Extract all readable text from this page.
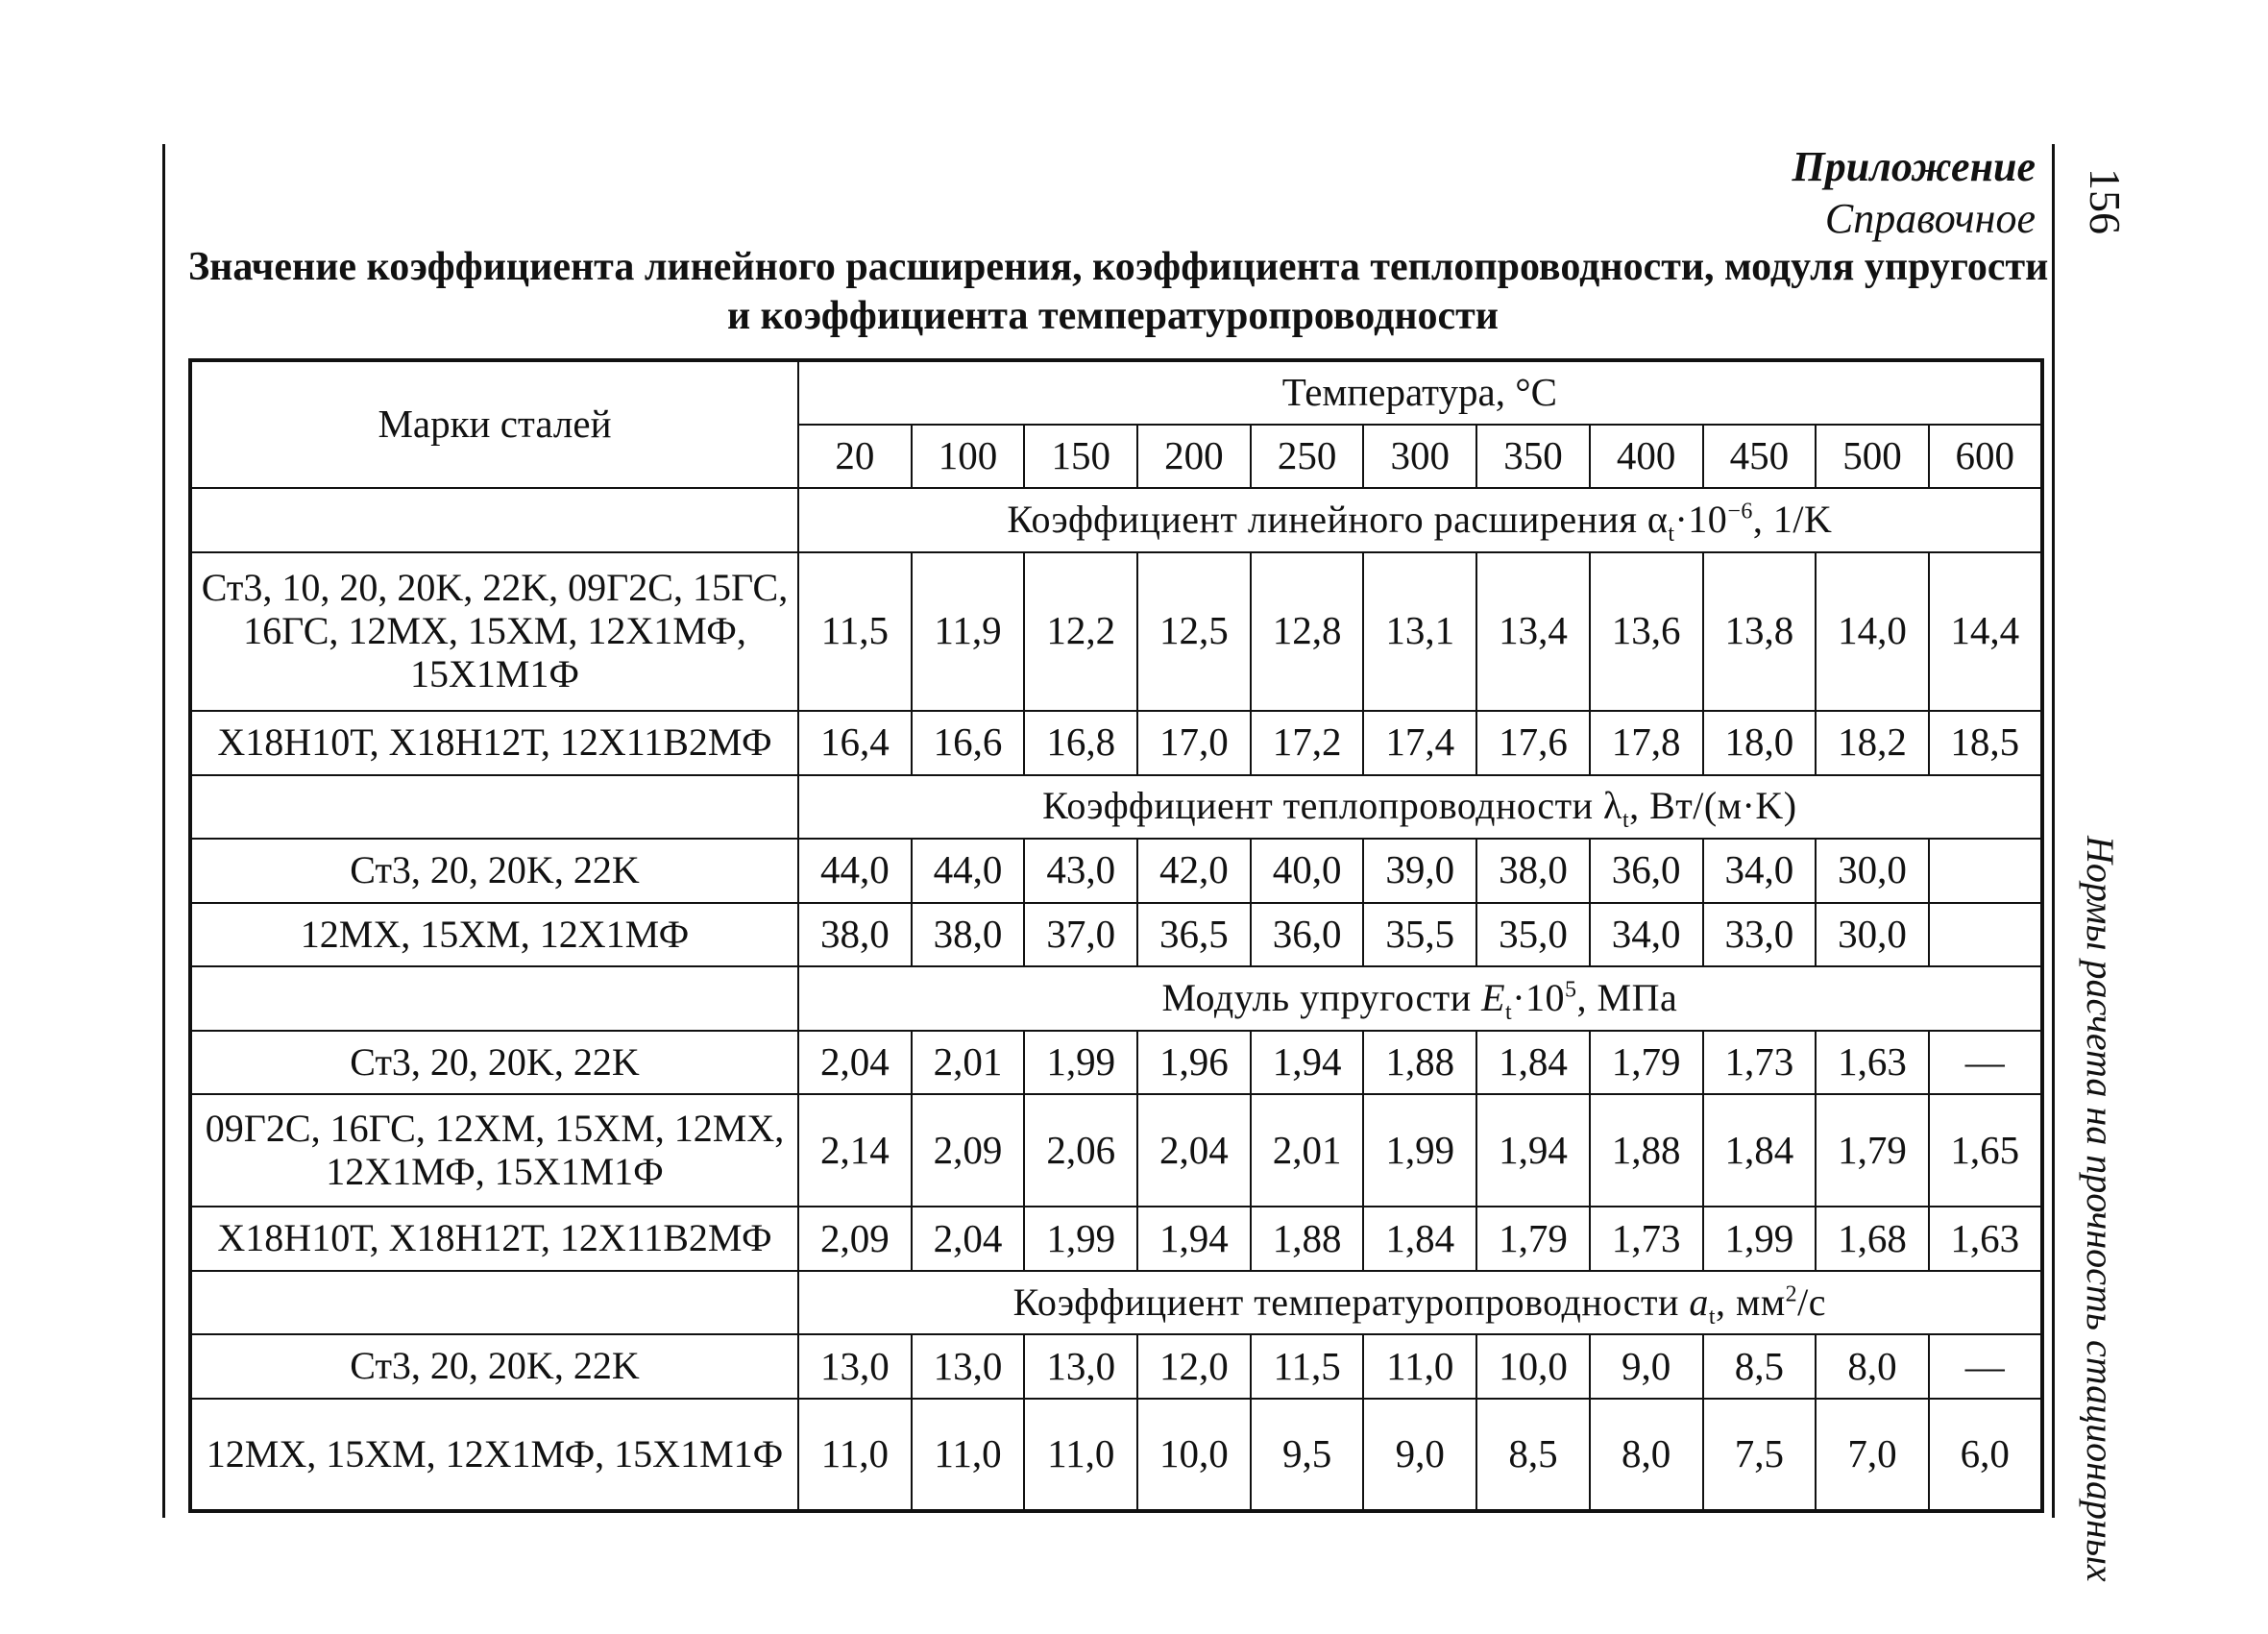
156
Нормы расчета на прочность стационарных
Приложение
Справочное
Значение коэффициента линейного расширения, коэффициента теплопроводности, модуля упругости
и коэффициента температуропроводности
Марки сталей	Температура, °C										
	20	100	150	200	250	300	350	400	450	500	600
	Коэффициент линейного расширения $\alpha_t\cdot 10^{-6}$, 1/K										
Ст3, 10, 20, 20K, 22K, 09Г2С, 15ГС, 16ГС, 12МХ, 15ХМ, 12Х1МФ, 15Х1М1Ф	11,5	11,9	12,2	12,5	12,8	13,1	13,4	13,6	13,8	14,0	14,4
Х18Н10Т, Х18Н12Т, 12Х11В2МФ	16,4	16,6	16,8	17,0	17,2	17,4	17,6	17,8	18,0	18,2	18,5
	Коэффициент теплопроводности $\lambda_t$, Вт/(м·K)										
Ст3, 20, 20K, 22K	44,0	44,0	43,0	42,0	40,0	39,0	38,0	36,0	34,0	30,0	
12МХ, 15ХМ, 12Х1МФ	38,0	38,0	37,0	36,5	36,0	35,5	35,0	34,0	33,0	30,0	
	Модуль упругости $E_t\cdot 10^5$, МПа										
Ст3, 20, 20K, 22K	2,04	2,01	1,99	1,96	1,94	1,88	1,84	1,79	1,73	1,63	—
09Г2С, 16ГС, 12ХМ, 15ХМ, 12МХ, 12Х1МФ, 15Х1М1Ф	2,14	2,09	2,06	2,04	2,01	1,99	1,94	1,88	1,84	1,79	1,65
Х18Н10Т, Х18Н12Т, 12Х11В2МФ	2,09	2,04	1,99	1,94	1,88	1,84	1,79	1,73	1,99	1,68	1,63
	Коэффициент температуропроводности $a_t$, $мм^2/с$										
Ст3, 20, 20K, 22K	13,0	13,0	13,0	12,0	11,5	11,0	10,0	9,0	8,5	8,0	—
12МХ, 15ХМ, 12Х1МФ, 15Х1М1Ф	11,0	11,0	11,0	10,0	9,5	9,0	8,5	8,0	7,5	7,0	6,0
